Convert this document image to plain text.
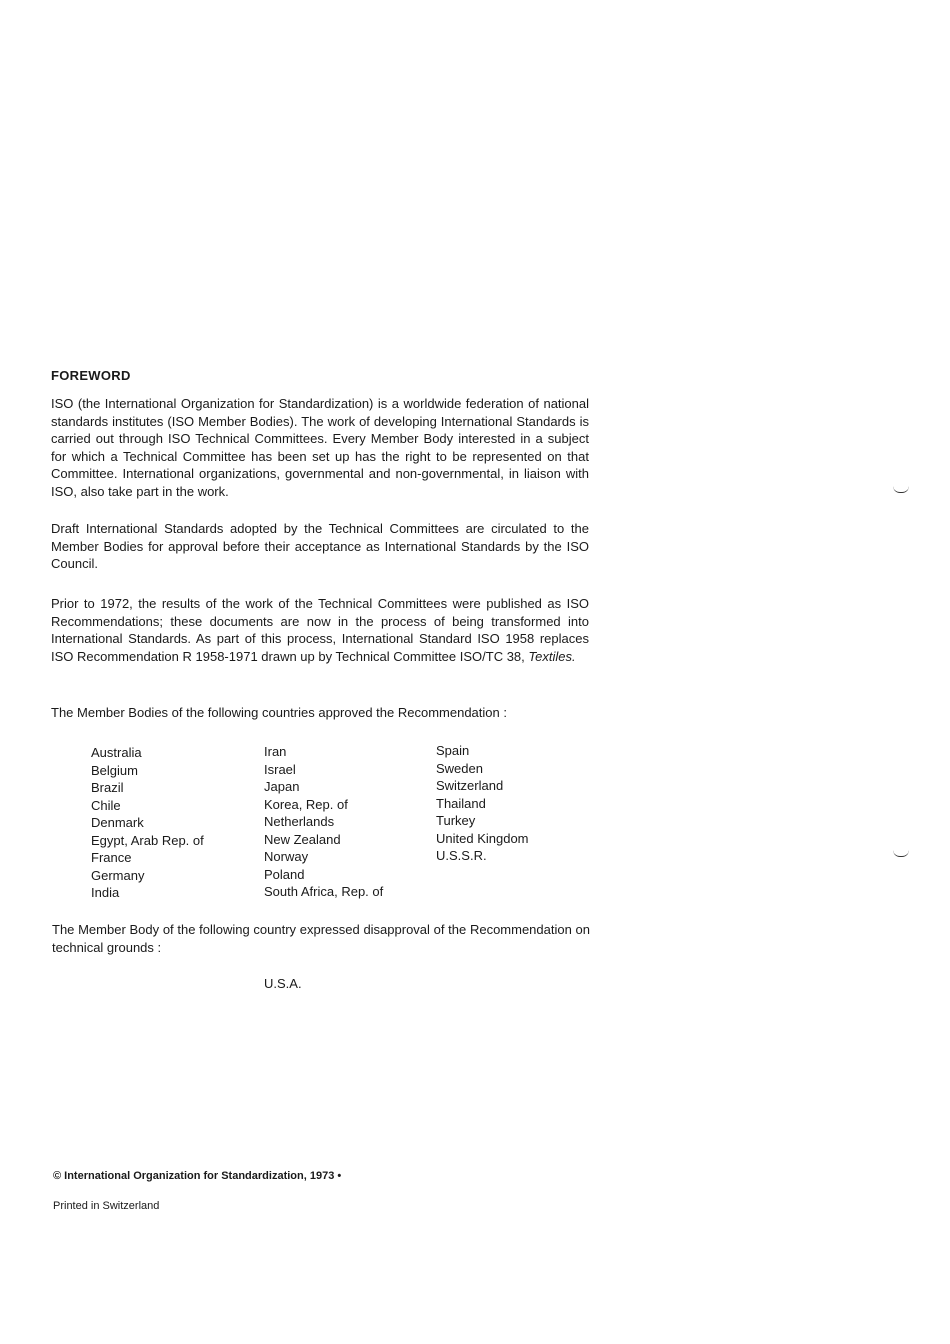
FOREWORD

ISO (the International Organization for Standardization) is a worldwide federation of national standards institutes (ISO Member Bodies). The work of developing International Standards is carried out through ISO Technical Committees. Every Member Body interested in a subject for which a Technical Committee has been set up has the right to be represented on that Committee. International organizations, governmental and non-governmental, in liaison with ISO, also take part in the work.

Draft International Standards adopted by the Technical Committees are circulated to the Member Bodies for approval before their acceptance as International Standards by the ISO Council.

Prior to 1972, the results of the work of the Technical Committees were published as ISO Recommendations; these documents are now in the process of being transformed into International Standards. As part of this process, International Standard ISO 1958 replaces ISO Recommendation R 1958-1971 drawn up by Technical Committee ISO/TC 38, Textiles.

The Member Bodies of the following countries approved the Recommendation :

Australia
Belgium
Brazil
Chile
Denmark
Egypt, Arab Rep. of
France
Germany
India
Iran
Israel
Japan
Korea, Rep. of
Netherlands
New Zealand
Norway
Poland
South Africa, Rep. of
Spain
Sweden
Switzerland
Thailand
Turkey
United Kingdom
U.S.S.R.

The Member Body of the following country expressed disapproval of the Recommendation on technical grounds :

U.S.A.
© International Organization for Standardization, 1973 •
Printed in Switzerland
